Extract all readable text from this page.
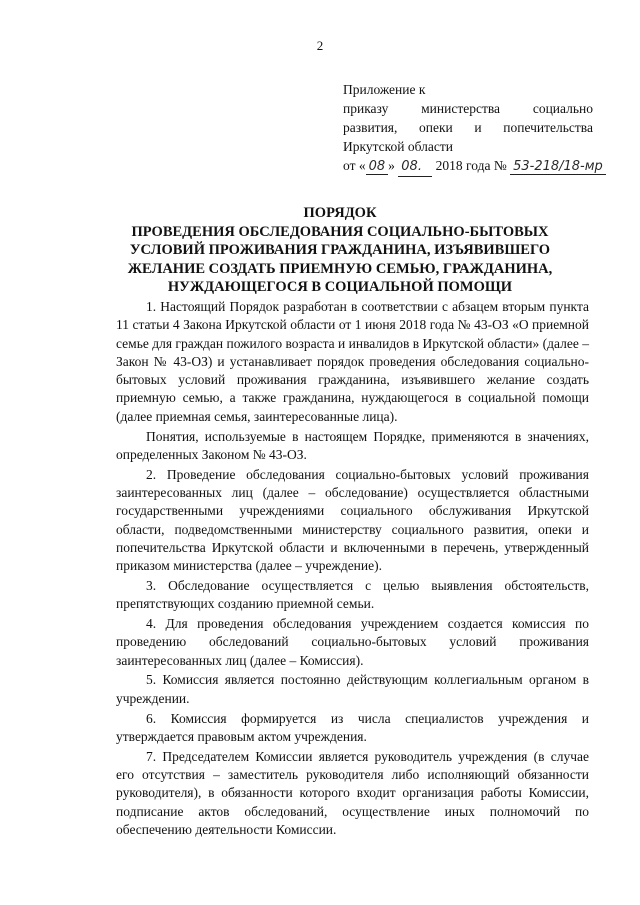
2
Приложение к
приказу министерства социально
развития, опеки и попечительства
Иркутской области
от « 08 » 08. 2018 года № 53-218/18-мр
ПОРЯДОК
ПРОВЕДЕНИЯ ОБСЛЕДОВАНИЯ СОЦИАЛЬНО-БЫТОВЫХ
УСЛОВИЙ ПРОЖИВАНИЯ ГРАЖДАНИНА, ИЗЪЯВИВШЕГО
ЖЕЛАНИЕ СОЗДАТЬ ПРИЕМНУЮ СЕМЬЮ, ГРАЖДАНИНА,
НУЖДАЮЩЕГОСЯ В СОЦИАЛЬНОЙ ПОМОЩИ

1. Настоящий Порядок разработан в соответствии с абзацем вторым пункта 11 статьи 4 Закона Иркутской области от 1 июня 2018 года № 43-ОЗ «О приемной семье для граждан пожилого возраста и инвалидов в Иркутской области» (далее – Закон № 43-ОЗ) и устанавливает порядок проведения обследования социально-бытовых условий проживания гражданина, изъявившего желание создать приемную семью, а также гражданина, нуждающегося в социальной помощи (далее приемная семья, заинтересованные лица).

Понятия, используемые в настоящем Порядке, применяются в значениях, определенных Законом № 43-ОЗ.

2. Проведение обследования социально-бытовых условий проживания заинтересованных лиц (далее – обследование) осуществляется областными государственными учреждениями социального обслуживания Иркутской области, подведомственными министерству социального развития, опеки и попечительства Иркутской области и включенными в перечень, утвержденный приказом министерства (далее – учреждение).

3. Обследование осуществляется с целью выявления обстоятельств, препятствующих созданию приемной семьи.

4. Для проведения обследования учреждением создается комиссия по проведению обследований социально-бытовых условий проживания заинтересованных лиц (далее – Комиссия).

5. Комиссия является постоянно действующим коллегиальным органом в учреждении.

6. Комиссия формируется из числа специалистов учреждения и утверждается правовым актом учреждения.

7. Председателем Комиссии является руководитель учреждения (в случае его отсутствия – заместитель руководителя либо исполняющий обязанности руководителя), в обязанности которого входит организация работы Комиссии, подписание актов обследований, осуществление иных полномочий по обеспечению деятельности Комиссии.
